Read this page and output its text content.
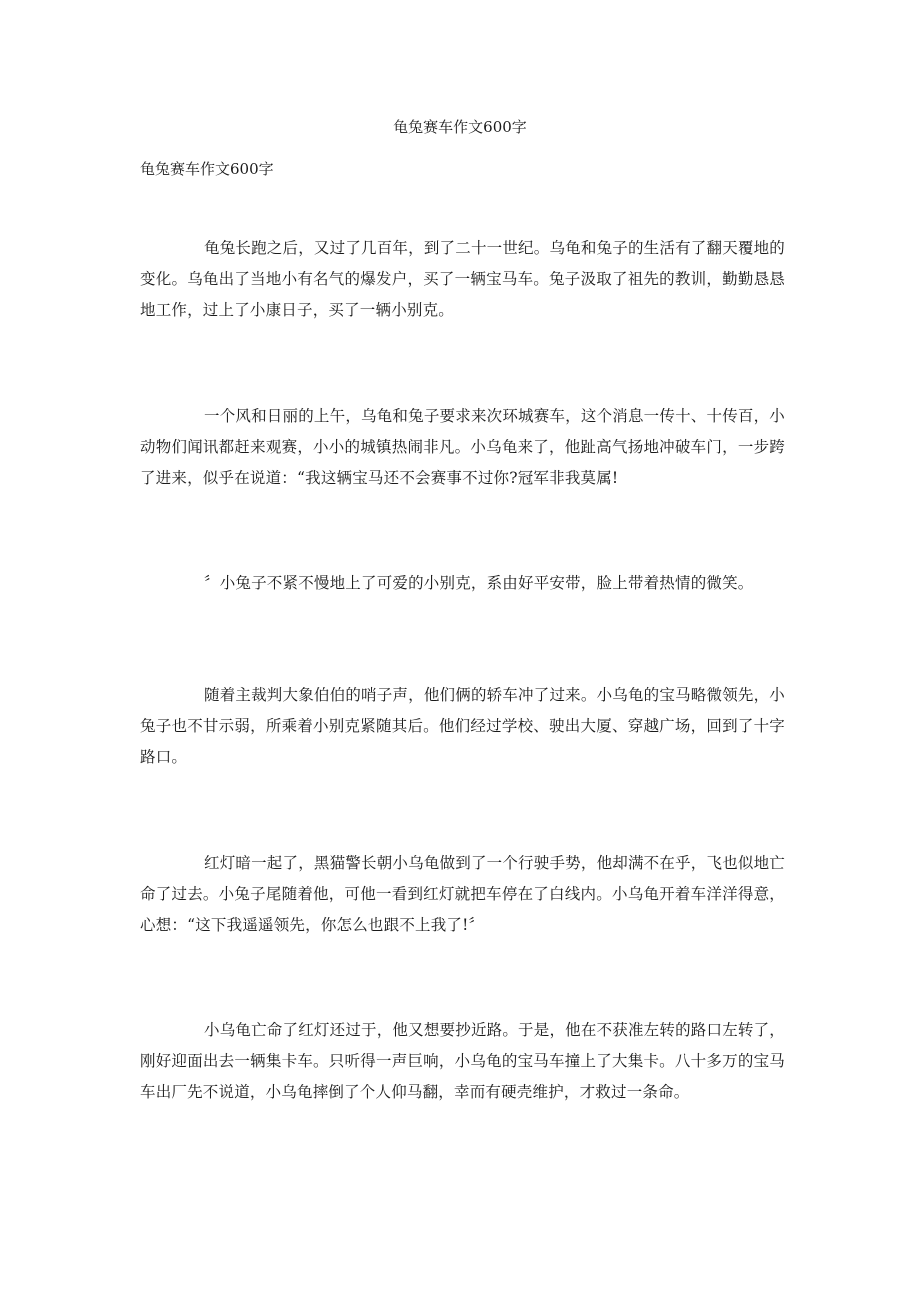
龟兔赛车作文600字

龟兔赛车作文600字

龟兔长跑之后，又过了几百年，到了二十一世纪。乌龟和兔子的生活有了翻天覆地的变化。乌龟出了当地小有名气的爆发户，买了一辆宝马车。兔子汲取了祖先的教训，勤勤恳恳地工作，过上了小康日子，买了一辆小别克。

一个风和日丽的上午，乌龟和兔子要求来次环城赛车，这个消息一传十、十传百，小动物们闻讯都赶来观赛，小小的城镇热闹非凡。小乌龟来了，他趾高气扬地冲破车门，一步跨了进来，似乎在说道：“我这辆宝马还不会赛事不过你?冠军非我莫属!

〞小兔子不紧不慢地上了可爱的小别克，系由好平安带，脸上带着热情的微笑。

随着主裁判大象伯伯的哨子声，他们俩的轿车冲了过来。小乌龟的宝马略微领先，小兔子也不甘示弱，所乘着小别克紧随其后。他们经过学校、驶出大厦、穿越广场，回到了十字路口。

红灯暗一起了，黑猫警长朝小乌龟做到了一个行驶手势，他却满不在乎，飞也似地亡命了过去。小兔子尾随着他，可他一看到红灯就把车停在了白线内。小乌龟开着车洋洋得意，心想：“这下我遥遥领先，你怎么也跟不上我了!〞

小乌龟亡命了红灯还过于，他又想要抄近路。于是，他在不获准左转的路口左转了，刚好迎面出去一辆集卡车。只听得一声巨响，小乌龟的宝马车撞上了大集卡。八十多万的宝马车出厂先不说道，小乌龟摔倒了个人仰马翻，幸而有硬壳维护，才救过一条命。
